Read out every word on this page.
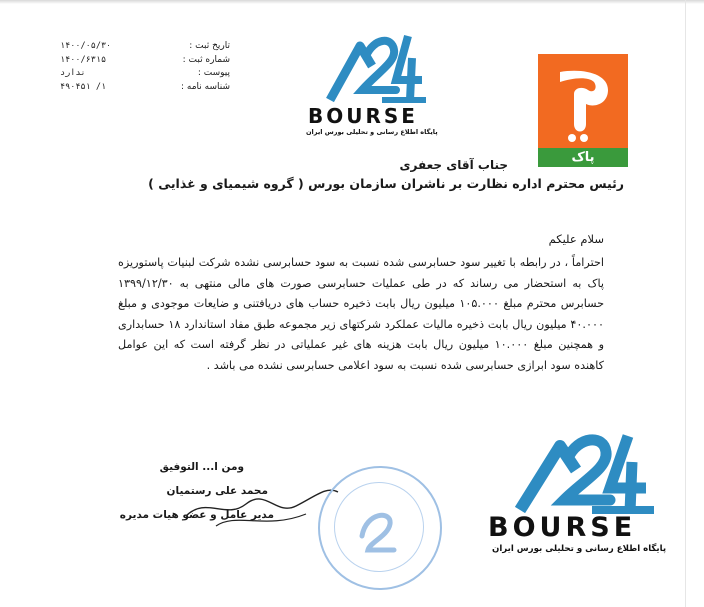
تاریخ ثبت :
۱۴۰۰/۰۵/۳۰
شماره ثبت :
۱۴۰۰/۶۳۱۵
پیوست :
ندارد
شناسه نامه :
۱/ ۴۹۰۴۵۱
BOURSE
پایگاه اطلاع رسانی و تحلیلی بورس ایران
پاک
جناب آقای جعفری
رئیس محترم اداره نظارت بر ناشران سازمان بورس ( گروه شیمیای و غذایی )
سلام علیکم
احتراماً ، در رابطه با تغییر سود حسابرسی شده نسبت به سود حسابرسی نشده شرکت لبنیات پاستوریزه پاک به استحضار می رساند که در طی عملیات حسابرسی صورت های مالی منتهی به ۱۳۹۹/۱۲/۳۰ حسابرس محترم مبلغ ۱۰۵.۰۰۰ میلیون ریال بابت ذخیره حساب های دریافتنی و ضایعات موجودی و مبلغ ۴۰.۰۰۰ میلیون ریال بابت ذخیره مالیات عملکرد شرکتهای زیر مجموعه طبق مفاد استاندارد ۱۸ حسابداری و همچنین مبلغ ۱۰.۰۰۰ میلیون ریال بابت هزینه های غیر عملیاتی در نظر گرفته است که این عوامل کاهنده سود ابرازی حسابرسی شده نسبت به سود اعلامی حسابرسی نشده می باشد .
ومن ا... التوفیق
محمد علی رستمیان
مدیر عامل و عضو هیات مدیره	BOURSE
پایگاه اطلاع رسانی و تحلیلی بورس ایران
